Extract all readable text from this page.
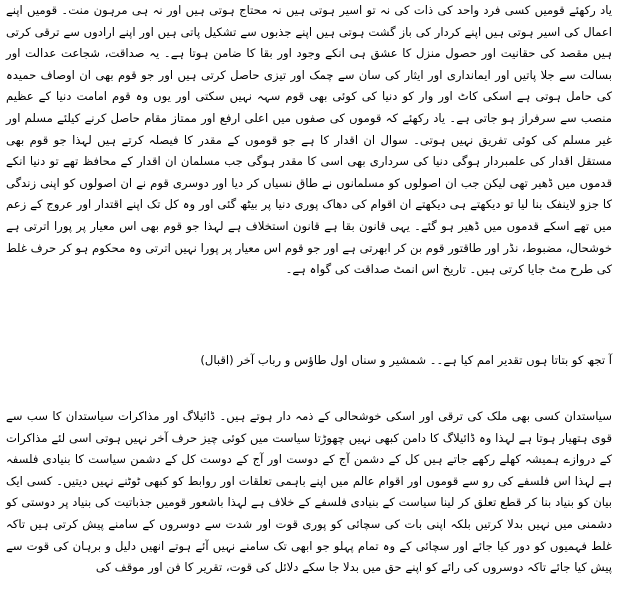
یاد رکھئے قومیں کسی فرد واحد کی ذات کی نہ تو اسیر ہوتی ہیں نہ محتاج ہوتی ہیں اور نہ ہی مرہون منت۔ قومیں اپنے اعمال کی اسیر ہوتی ہیں اپنے کردار کی باز گشت ہوتی ہیں اپنے جذبوں سے تشکیل پاتی ہیں اور اپنے ارادوں سے ترقی کرتی ہیں مقصد کی حقانیت اور حصول منزل کا عشق ہی انکے وجود اور بقا کا ضامن ہوتا ہے۔ یہ صداقت، شجاعت عدالت اور بسالت سے جلا پاتیں اور ایمانداری اور ایثار کی سان سے چمک اور تیزی حاصل کرتی ہیں اور جو قوم بھی ان اوصاف حمیدہ کی حامل ہوتی ہے اسکی کاٹ اور وار کو دنیا کی کوئی بھی قوم سہہ نہیں سکتی اور یوں وہ قوم امامت دنیا کے عظیم منصب سے سرفراز ہو جاتی ہے۔ یاد رکھئے کہ قوموں کی صفوں میں اعلی ارفع اور ممتاز مقام حاصل کرنے کیلئے مسلم اور غیر مسلم کی کوئی تفریق نہیں ہوتی۔ سوال ان اقدار کا ہے جو قوموں کے مقدر کا فیصلہ کرتے ہیں لہذا جو قوم بھی مستقل اقدار کی علمبردار ہوگی دنیا کی سرداری بھی اسی کا مقدر ہوگی جب مسلمان ان اقدار کے محافظ تھے تو دنیا انکے قدموں میں ڈھیر تھی لیکن جب ان اصولوں کو مسلمانوں نے طاق نسیاں کر دیا اور دوسری قوم نے ان اصولوں کو اپنی زندگی کا جزو لاینفک بنا لیا تو دیکھتے ہی دیکھتے ان اقوام کی دھاک پوری دنیا پر بیٹھ گئی اور وہ کل تک اپنے اقتدار اور عروج کے زعم میں تھے اسکے قدموں میں ڈھیر ہو گئے۔ یہی قانون بقا ہے قانون استخلاف ہے لہذا جو قوم بھی اس معیار پر پورا اترتی ہے خوشحال، مضبوط، نڈر اور طاقتور قوم بن کر ابھرتی ہے اور جو قوم اس معیار پر پورا نہیں اترتی وہ محکوم ہو کر حرف غلط کی طرح مٹ جایا کرتی ہیں۔ تاریخ اس انمٹ صداقت کی گواہ ہے۔

آ تجھ کو بتاتا ہوں تقدیر امم کیا ہے۔۔ شمشیر و سناں اول طاؤس و رباب آخر (اقبال)

سیاستدان کسی بھی ملک کی ترقی اور اسکی خوشحالی کے ذمہ دار ہوتے ہیں۔ ڈائیلاگ اور مذاکرات سیاستدان کا سب سے قوی ہتھیار ہوتا ہے لہذا وہ ڈائیلاگ کا دامن کبھی نہیں چھوڑتا سیاست میں کوئی چیز حرف آخر نہیں ہوتی اسی لئے مذاکرات کے دروازے ہمیشہ کھلے رکھے جاتے ہیں کل کے دشمن آج کے دوست اور آج کے دوست کل کے دشمن سیاست کا بنیادی فلسفہ ہے لہذا اس فلسفے کی رو سے قوموں اور اقوام عالم میں اپنے باہمی تعلقات اور روابط کو کبھی ٹوٹنے نہیں دیتیں۔ کسی ایک بیان کو بنیاد بنا کر قطع تعلق کر لینا سیاست کے بنیادی فلسفے کے خلاف ہے لہذا باشعور قومیں جذباتیت کی بنیاد پر دوستی کو دشمنی میں نہیں بدلا کرتیں بلکہ اپنی بات کی سچائی کو پوری قوت اور شدت سے دوسروں کے سامنے پیش کرتی ہیں تاکہ غلط فہمیوں کو دور کیا جائے اور سچائی کے وہ تمام پہلو جو ابھی تک سامنے نہیں آئے ہوتے انھیں دلیل و برہان کی قوت سے پیش کیا جائے تاکہ دوسروں کی رائے کو اپنے حق میں بدلا جا سکے دلائل کی قوت، تقریر کا فن اور موقف کی
